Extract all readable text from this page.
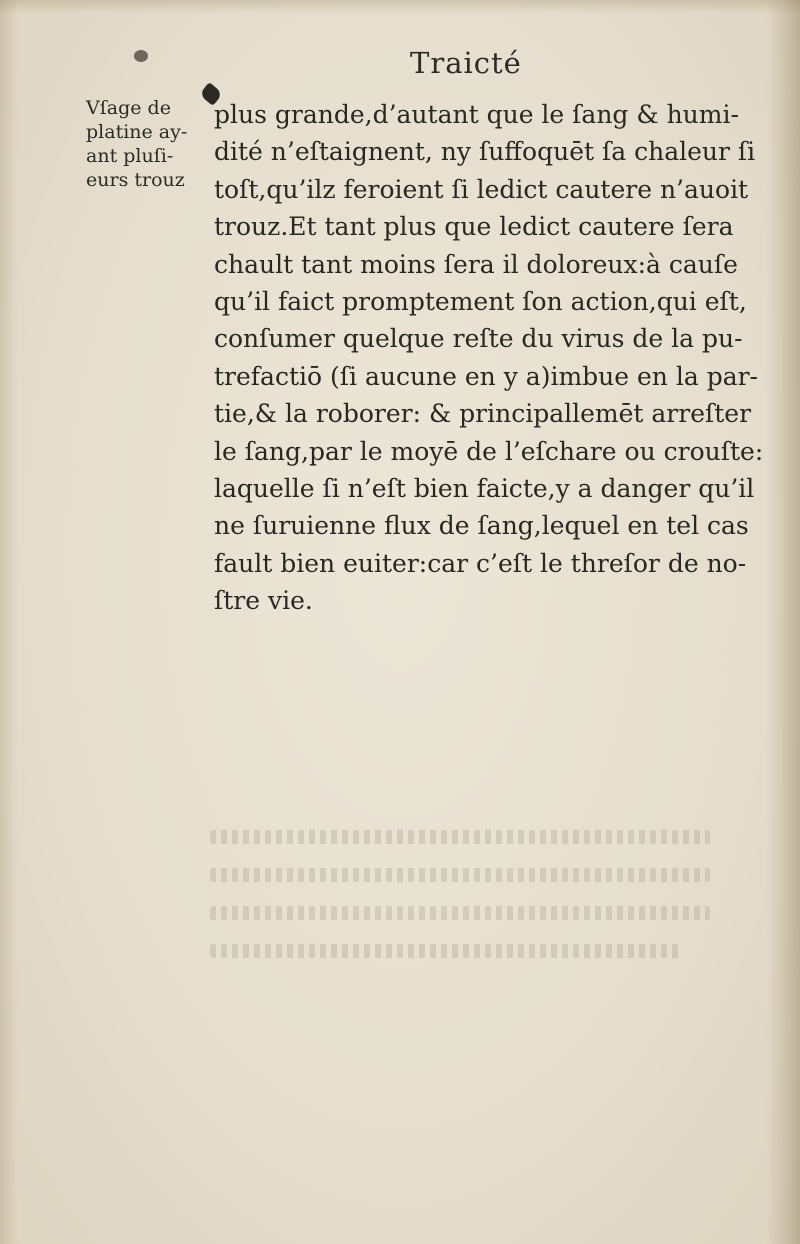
Traicté
Vſage de
platine ay-
ant pluſi-
eurs trouz
plus grande,d’autant que le ſang & humi-
dité n’eſtaignent, ny ſuffoquēt ſa chaleur ſi
toſt,qu’ilz feroient ſi ledict cautere n’auoit
trouz.Et tant plus que ledict cautere ſera
chault tant moins ſera il doloreux:à cauſe
qu’il faict promptement ſon action,qui eſt,
conſumer quelque reſte du virus de la pu-
trefactiō (ſi aucune en y a)imbue en la par-
tie,& la roborer: & principallemēt arreſter
le ſang,par le moyē de l’eſchare ou crouſte:
laquelle ſi n’eſt bien faicte,y a danger qu’il
ne ſuruienne flux de ſang,lequel en tel cas
fault bien euiter:car c’eſt le threſor de no-
ſtre vie.
